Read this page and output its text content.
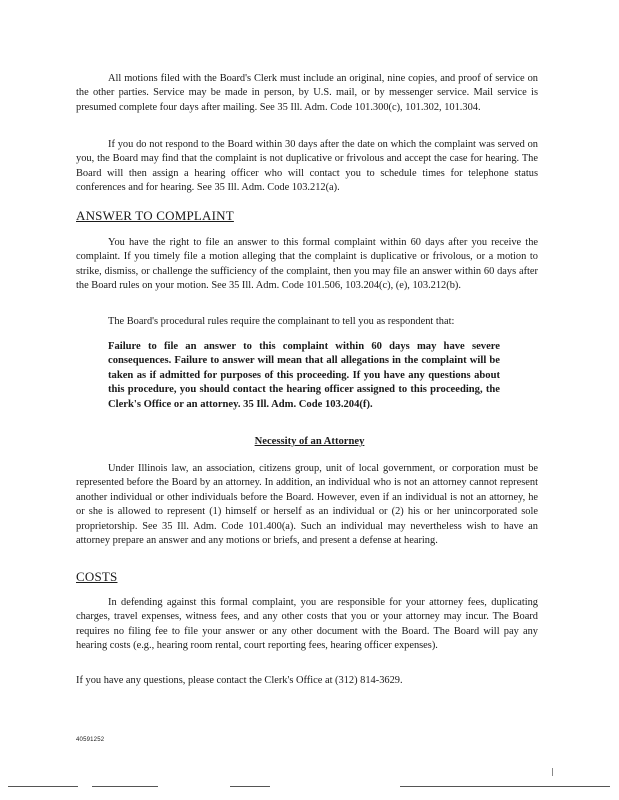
All motions filed with the Board's Clerk must include an original, nine copies, and proof of service on the other parties. Service may be made in person, by U.S. mail, or by messenger service. Mail service is presumed complete four days after mailing. See 35 Ill. Adm. Code 101.300(c), 101.302, 101.304.
If you do not respond to the Board within 30 days after the date on which the complaint was served on you, the Board may find that the complaint is not duplicative or frivolous and accept the case for hearing. The Board will then assign a hearing officer who will contact you to schedule times for telephone status conferences and for hearing. See 35 Ill. Adm. Code 103.212(a).
ANSWER TO COMPLAINT
You have the right to file an answer to this formal complaint within 60 days after you receive the complaint. If you timely file a motion alleging that the complaint is duplicative or frivolous, or a motion to strike, dismiss, or challenge the sufficiency of the complaint, then you may file an answer within 60 days after the Board rules on your motion. See 35 Ill. Adm. Code 101.506, 103.204(c), (e), 103.212(b).
The Board's procedural rules require the complainant to tell you as respondent that:
Failure to file an answer to this complaint within 60 days may have severe consequences. Failure to answer will mean that all allegations in the complaint will be taken as if admitted for purposes of this proceeding. If you have any questions about this procedure, you should contact the hearing officer assigned to this proceeding, the Clerk's Office or an attorney. 35 Ill. Adm. Code 103.204(f).
Necessity of an Attorney
Under Illinois law, an association, citizens group, unit of local government, or corporation must be represented before the Board by an attorney. In addition, an individual who is not an attorney cannot represent another individual or other individuals before the Board. However, even if an individual is not an attorney, he or she is allowed to represent (1) himself or herself as an individual or (2) his or her unincorporated sole proprietorship. See 35 Ill. Adm. Code 101.400(a). Such an individual may nevertheless wish to have an attorney prepare an answer and any motions or briefs, and present a defense at hearing.
COSTS
In defending against this formal complaint, you are responsible for your attorney fees, duplicating charges, travel expenses, witness fees, and any other costs that you or your attorney may incur. The Board requires no filing fee to file your answer or any other document with the Board. The Board will pay any hearing costs (e.g., hearing room rental, court reporting fees, hearing officer expenses).
If you have any questions, please contact the Clerk's Office at (312) 814-3629.
40591252
